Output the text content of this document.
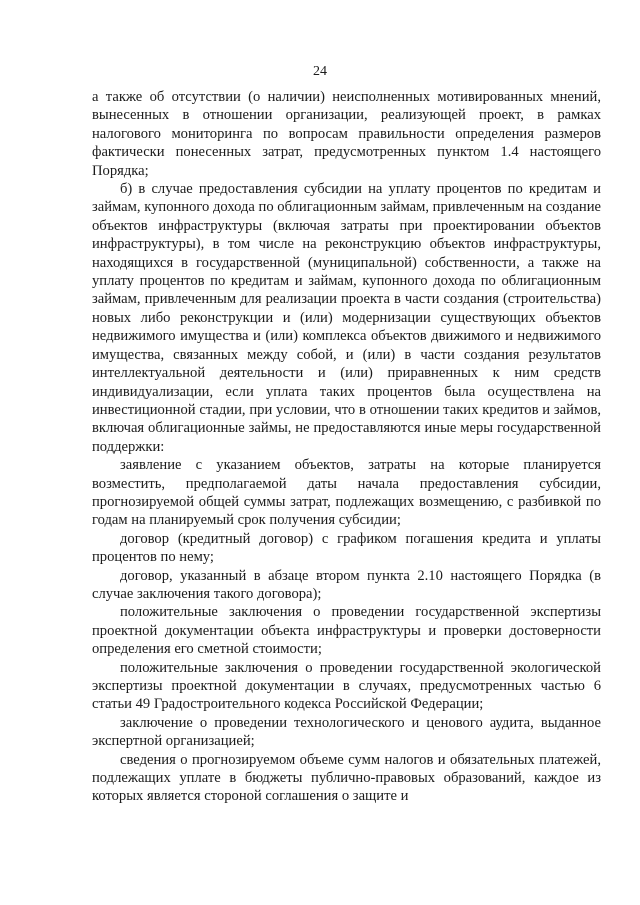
24

а также об отсутствии (о наличии) неисполненных мотивированных мнений, вынесенных в отношении организации, реализующей проект, в рамках налогового мониторинга по вопросам правильности определения размеров фактически понесенных затрат, предусмотренных пунктом 1.4 настоящего Порядка;

б) в случае предоставления субсидии на уплату процентов по кредитам и займам, купонного дохода по облигационным займам, привлеченным на создание объектов инфраструктуры (включая затраты при проектировании объектов инфраструктуры), в том числе на реконструкцию объектов инфраструктуры, находящихся в государственной (муниципальной) собственности, а также на уплату процентов по кредитам и займам, купонного дохода по облигационным займам, привлеченным для реализации проекта в части создания (строительства) новых либо реконструкции и (или) модернизации существующих объектов недвижимого имущества и (или) комплекса объектов движимого и недвижимого имущества, связанных между собой, и (или) в части создания результатов интеллектуальной деятельности и (или) приравненных к ним средств индивидуализации, если уплата таких процентов была осуществлена на инвестиционной стадии, при условии, что в отношении таких кредитов и займов, включая облигационные займы, не предоставляются иные меры государственной поддержки:

заявление с указанием объектов, затраты на которые планируется возместить, предполагаемой даты начала предоставления субсидии, прогнозируемой общей суммы затрат, подлежащих возмещению, с разбивкой по годам на планируемый срок получения субсидии;

договор (кредитный договор) с графиком погашения кредита и уплаты процентов по нему;

договор, указанный в абзаце втором пункта 2.10 настоящего Порядка (в случае заключения такого договора);

положительные заключения о проведении государственной экспертизы проектной документации объекта инфраструктуры и проверки достоверности определения его сметной стоимости;

положительные заключения о проведении государственной экологической экспертизы проектной документации в случаях, предусмотренных частью 6 статьи 49 Градостроительного кодекса Российской Федерации;

заключение о проведении технологического и ценового аудита, выданное экспертной организацией;

сведения о прогнозируемом объеме сумм налогов и обязательных платежей, подлежащих уплате в бюджеты публично-правовых образований, каждое из которых является стороной соглашения о защите и
